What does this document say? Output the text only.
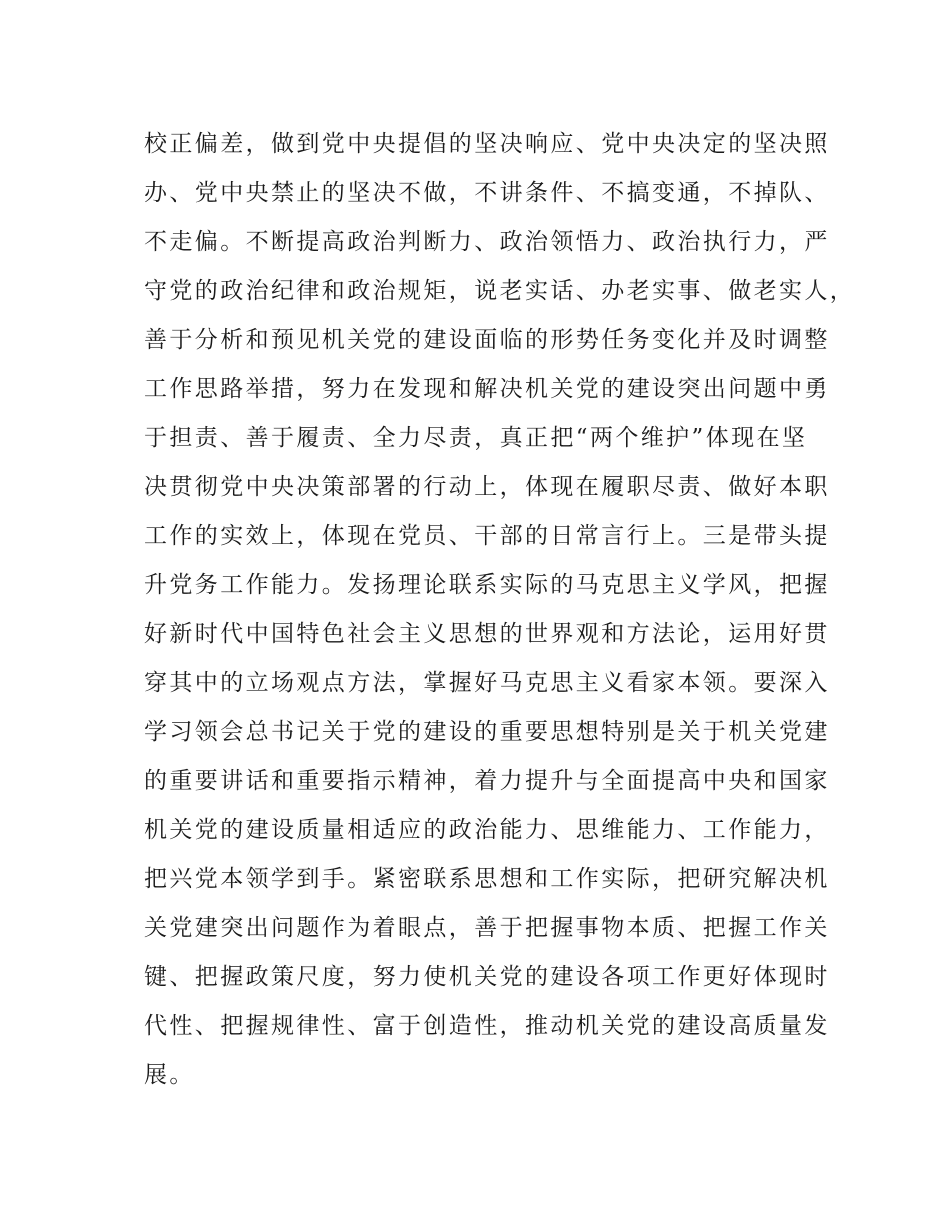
校正偏差，做到党中央提倡的坚决响应、党中央决定的坚决照
办、党中央禁止的坚决不做，不讲条件、不搞变通，不掉队、
不走偏。不断提高政治判断力、政治领悟力、政治执行力，严
守党的政治纪律和政治规矩，说老实话、办老实事、做老实人，
善于分析和预见机关党的建设面临的形势任务变化并及时调整
工作思路举措，努力在发现和解决机关党的建设突出问题中勇
于担责、善于履责、全力尽责，真正把“两个维护”体现在坚
决贯彻党中央决策部署的行动上，体现在履职尽责、做好本职
工作的实效上，体现在党员、干部的日常言行上。三是带头提
升党务工作能力。发扬理论联系实际的马克思主义学风，把握
好新时代中国特色社会主义思想的世界观和方法论，运用好贯
穿其中的立场观点方法，掌握好马克思主义看家本领。要深入
学习领会总书记关于党的建设的重要思想特别是关于机关党建
的重要讲话和重要指示精神，着力提升与全面提高中央和国家
机关党的建设质量相适应的政治能力、思维能力、工作能力，
把兴党本领学到手。紧密联系思想和工作实际，把研究解决机
关党建突出问题作为着眼点，善于把握事物本质、把握工作关
键、把握政策尺度，努力使机关党的建设各项工作更好体现时
代性、把握规律性、富于创造性，推动机关党的建设高质量发
展。
